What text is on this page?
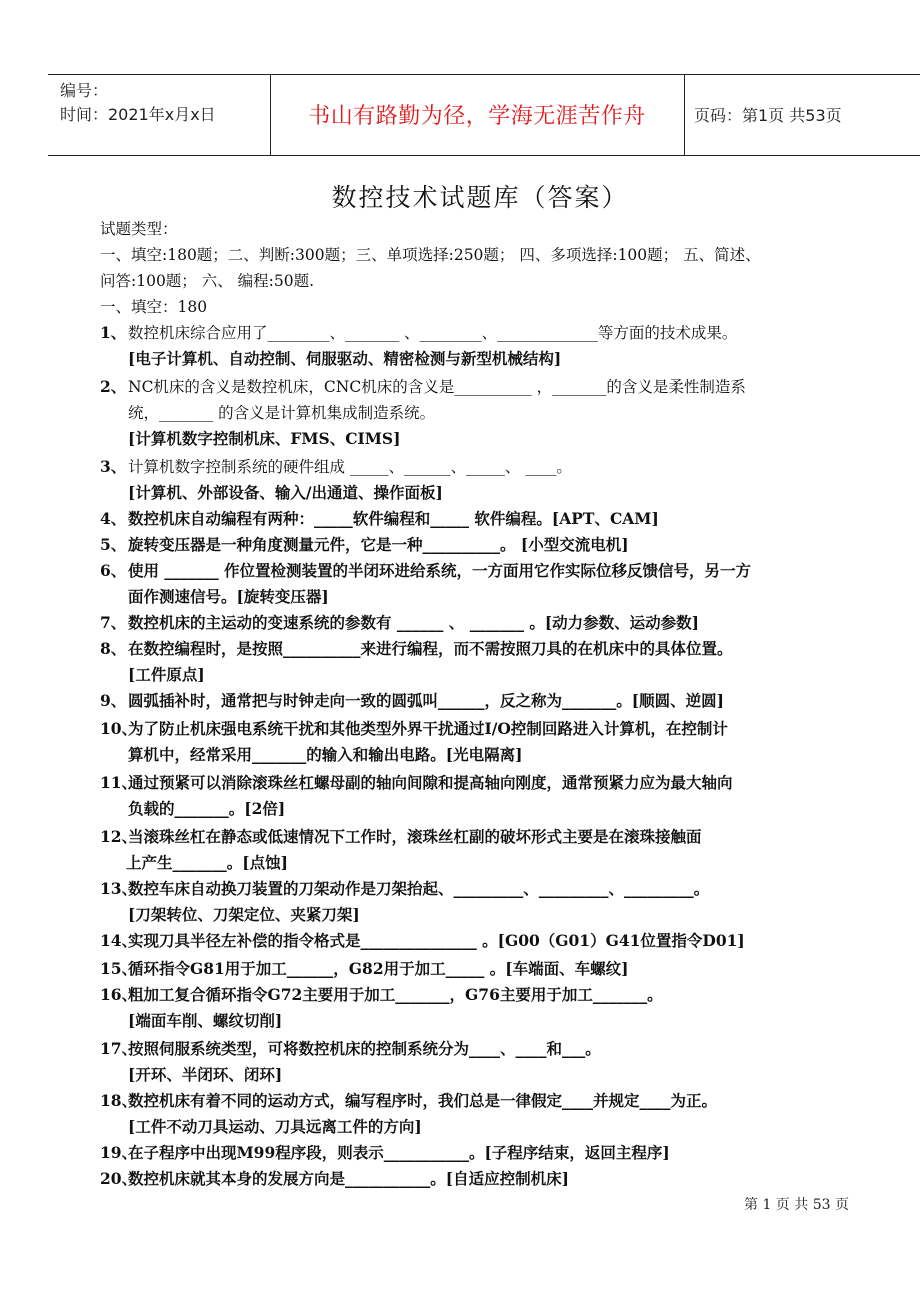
编号：
时间：2021年x月x日	书山有路勤为径，学海无涯苦作舟	页码：第1页 共53页
数控技术试题库（答案）
试题类型：
一、填空:180题；二、判断:300题；三、单项选择:250题； 四、多项选择:100题； 五、简述、
问答:100题； 六、 编程:50题.
一、填空：180
1、 数控机床综合应用了________、_______ 、________、_____________等方面的技术成果。
[电子计算机、自动控制、伺服驱动、精密检测与新型机械结构]
2、 NC机床的含义是数控机床，CNC机床的含义是__________ ，_______的含义是柔性制造系
统，_______ 的含义是计算机集成制造系统。
[计算机数字控制机床、FMS、CIMS]
3、 计算机数字控制系统的硬件组成 _____、______、_____、 ____。
[计算机、外部设备、输入/出通道、操作面板]
4、 数控机床自动编程有两种：_____软件编程和_____ 软件编程。[APT、CAM]
5、 旋转变压器是一种角度测量元件，它是一种__________。 [小型交流电机]
6、 使用 _______ 作位置检测装置的半闭环进给系统，一方面用它作实际位移反馈信号，另一方
面作测速信号。[旋转变压器]
7、 数控机床的主运动的变速系统的参数有 ______ 、 _______ 。[动力参数、运动参数]
8、 在数控编程时，是按照__________来进行编程，而不需按照刀具的在机床中的具体位置。
[工件原点]
9、 圆弧插补时，通常把与时钟走向一致的圆弧叫______，反之称为_______。[顺圆、逆圆]
10、为了防止机床强电系统干扰和其他类型外界干扰通过I/O控制回路进入计算机，在控制计
算机中，经常采用_______的输入和输出电路。[光电隔离]
11、通过预紧可以消除滚珠丝杠螺母副的轴向间隙和提高轴向刚度，通常预紧力应为最大轴向
负载的_______。[2倍]
12、当滚珠丝杠在静态或低速情况下工作时，滚珠丝杠副的破坏形式主要是在滚珠接触面
上产生_______。[点蚀]
13、数控车床自动换刀装置的刀架动作是刀架抬起、_________、_________、_________。
[刀架转位、刀架定位、夹紧刀架]
14、实现刀具半径左补偿的指令格式是_______________ 。[G00（G01）G41位置指令D01]
15、循环指令G81用于加工______，G82用于加工_____ 。[车端面、车螺纹]
16、粗加工复合循环指令G72主要用于加工_______，G76主要用于加工_______。
[端面车削、螺纹切削]
17、按照伺服系统类型，可将数控机床的控制系统分为____、____和___。
[开环、半闭环、闭环]
18、数控机床有着不同的运动方式，编写程序时，我们总是一律假定____并规定____为正。
[工件不动刀具运动、刀具远离工件的方向]
19、在子程序中出现M99程序段，则表示___________。[子程序结束，返回主程序]
20、数控机床就其本身的发展方向是___________。[自适应控制机床]
第 1 页 共 53 页
